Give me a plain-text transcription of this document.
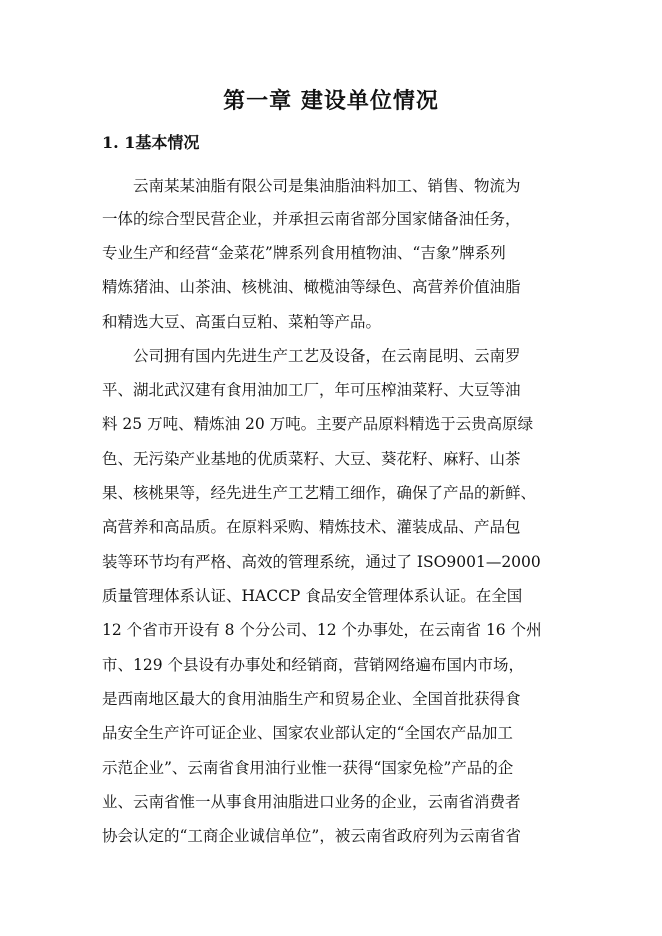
第一章 建设单位情况
1. 1基本情况

　　云南某某油脂有限公司是集油脂油料加工、销售、物流为

一体的综合型民营企业，并承担云南省部分国家储备油任务，

专业生产和经营“金菜花”牌系列食用植物油、“吉象”牌系列

精炼猪油、山茶油、核桃油、橄榄油等绿色、高营养价值油脂

和精选大豆、高蛋白豆粕、菜粕等产品。

　　公司拥有国内先进生产工艺及设备，在云南昆明、云南罗

平、湖北武汉建有食用油加工厂，年可压榨油菜籽、大豆等油

料 25 万吨、精炼油 20 万吨。主要产品原料精选于云贵高原绿

色、无污染产业基地的优质菜籽、大豆、葵花籽、麻籽、山茶

果、核桃果等，经先进生产工艺精工细作，确保了产品的新鲜、

高营养和高品质。在原料采购、精炼技术、灌装成品、产品包

装等环节均有严格、高效的管理系统，通过了 ISO9001—2000

质量管理体系认证、HACCP 食品安全管理体系认证。在全国

12 个省市开设有 8 个分公司、12 个办事处，在云南省 16 个州

市、129 个县设有办事处和经销商，营销网络遍布国内市场，

是西南地区最大的食用油脂生产和贸易企业、全国首批获得食

品安全生产许可证企业、国家农业部认定的“全国农产品加工

示范企业”、云南省食用油行业惟一获得“国家免检”产品的企

业、云南省惟一从事食用油脂进口业务的企业，云南省消费者

协会认定的“工商企业诚信单位”，被云南省政府列为云南省省
